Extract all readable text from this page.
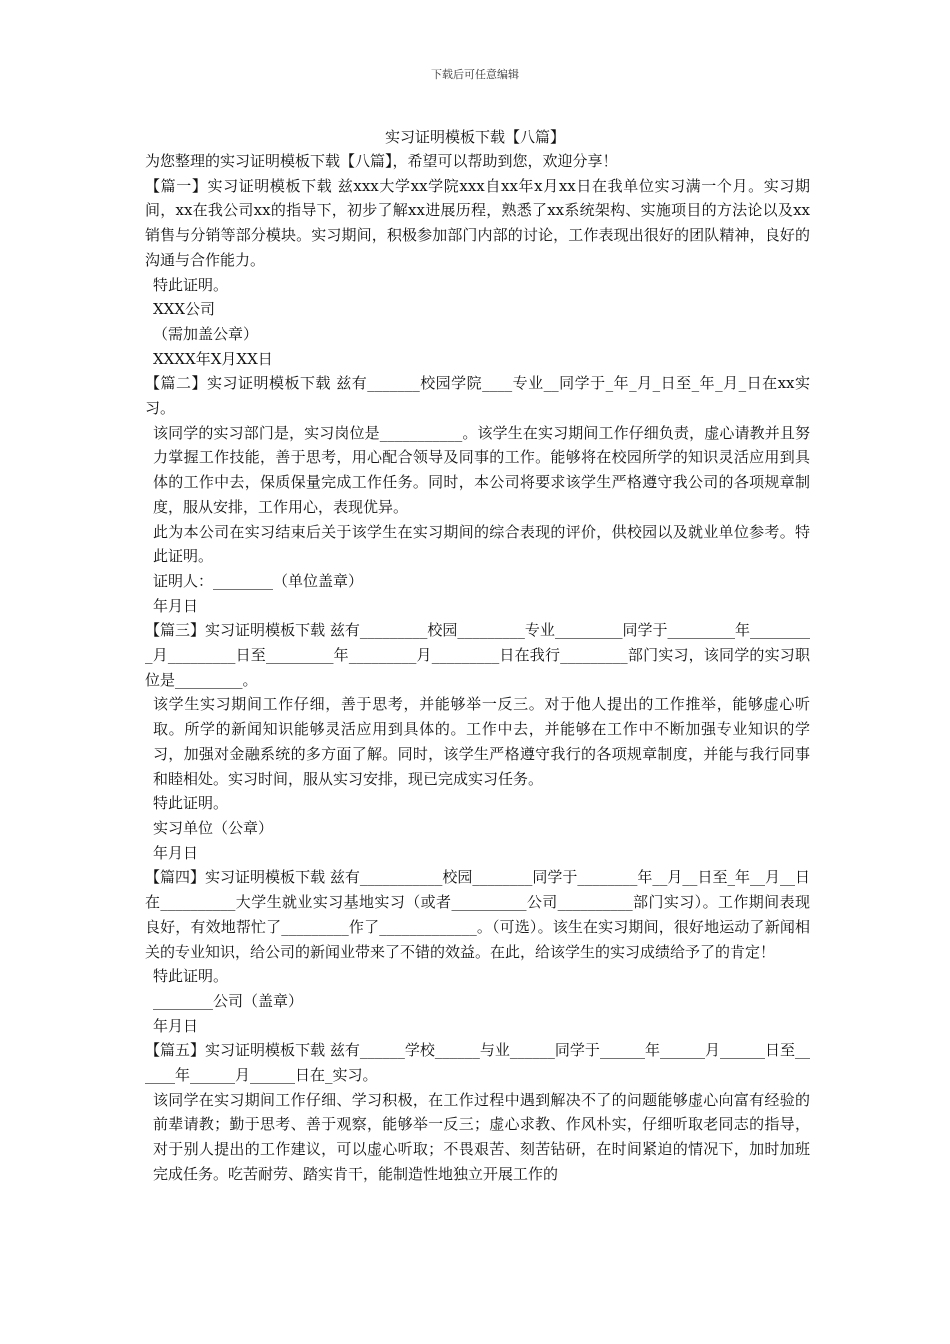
下载后可任意编辑
实习证明模板下载【八篇】

为您整理的实习证明模板下载【八篇】，希望可以帮助到您，欢迎分享！

【篇一】实习证明模板下载 兹xxx大学xx学院xxx自xx年x月xx日在我单位实习满一个月。实习期间，xx在我公司xx的指导下，初步了解xx进展历程，熟悉了xx系统架构、实施项目的方法论以及xx销售与分销等部分模块。实习期间，积极参加部门内部的讨论，工作表现出很好的团队精神，良好的沟通与合作能力。

特此证明。

XXX公司

（需加盖公章）

XXXX年X月XX日

【篇二】实习证明模板下载 兹有_______校园学院____专业__同学于_年_月_日至_年_月_日在xx实习。

该同学的实习部门是，实习岗位是___________。该学生在实习期间工作仔细负责，虚心请教并且努力掌握工作技能，善于思考，用心配合领导及同事的工作。能够将在校园所学的知识灵活应用到具体的工作中去，保质保量完成工作任务。同时，本公司将要求该学生严格遵守我公司的各项规章制度，服从安排，工作用心，表现优异。

此为本公司在实习结束后关于该学生在实习期间的综合表现的评价，供校园以及就业单位参考。特此证明。

证明人：________（单位盖章）

年月日

【篇三】实习证明模板下载 兹有_________校园_________专业_________同学于_________年_________月_________日至_________年_________月_________日在我行_________部门实习，该同学的实习职位是_________。

该学生实习期间工作仔细，善于思考，并能够举一反三。对于他人提出的工作推举，能够虚心听取。所学的新闻知识能够灵活应用到具体的。工作中去，并能够在工作中不断加强专业知识的学习，加强对金融系统的多方面了解。同时，该学生严格遵守我行的各项规章制度，并能与我行同事和睦相处。实习时间，服从实习安排，现已完成实习任务。

特此证明。

实习单位（公章）

年月日

【篇四】实习证明模板下载 兹有___________校园________同学于________年__月__日至_年__月__日在__________大学生就业实习基地实习（或者__________公司__________部门实习）。工作期间表现良好，有效地帮忙了_________作了_____________。（可选）。该生在实习期间，很好地运动了新闻相关的专业知识，给公司的新闻业带来了不错的效益。在此，给该学生的实习成绩给予了的肯定！

特此证明。

________公司（盖章）

年月日

【篇五】实习证明模板下载 兹有______学校______与业______同学于______年______月______日至______年______月______日在_实习。

该同学在实习期间工作仔细、学习积极，在工作过程中遇到解决不了的问题能够虚心向富有经验的前辈请教；勤于思考、善于观察，能够举一反三；虚心求教、作风朴实，仔细听取老同志的指导，对于别人提出的工作建议，可以虚心听取；不畏艰苦、刻苦钻研，在时间紧迫的情况下，加时加班完成任务。吃苦耐劳、踏实肯干，能制造性地独立开展工作的
